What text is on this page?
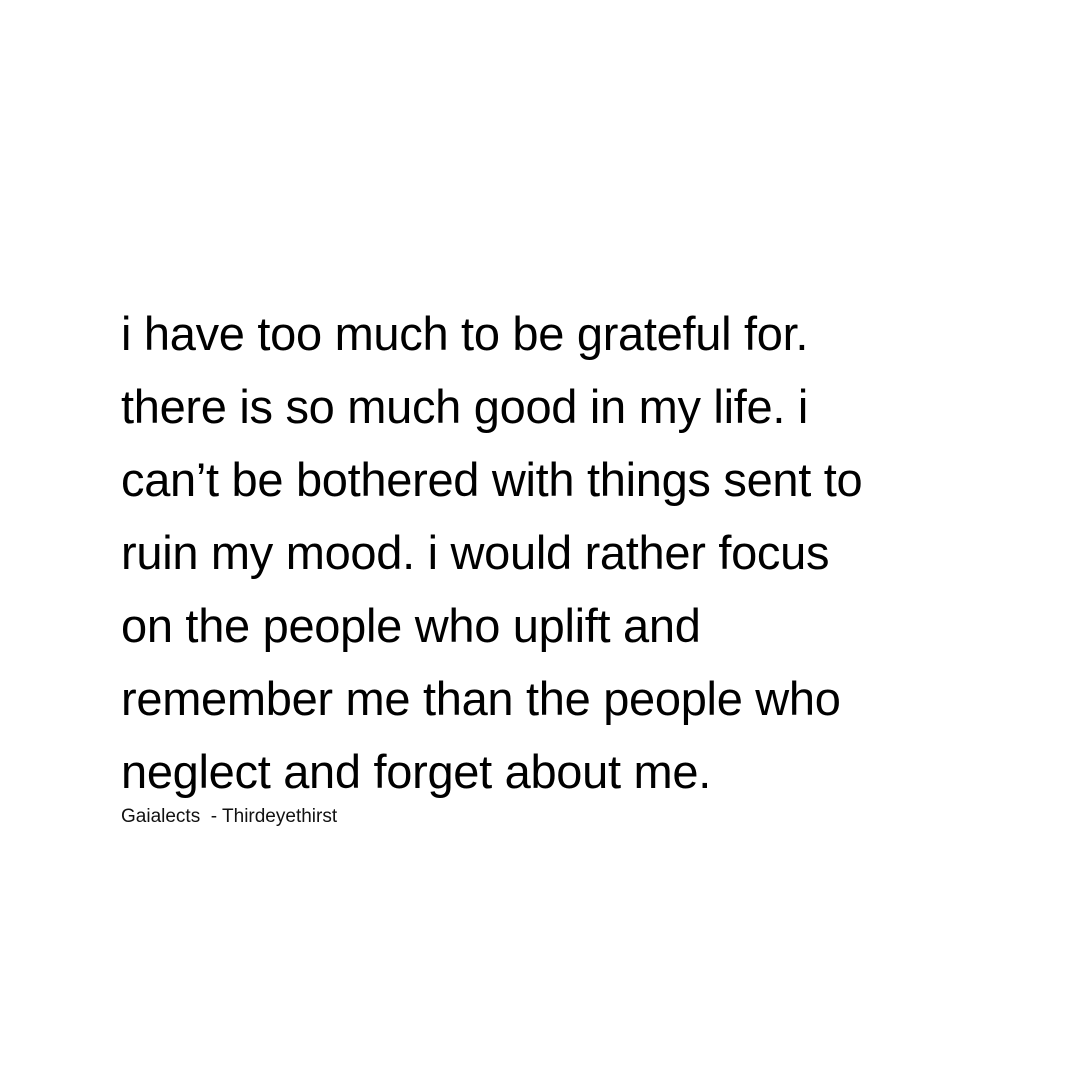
i have too much to be grateful for.
there is so much good in my life. i
can’t be bothered with things sent to
ruin my mood. i would rather focus
on the people who uplift and
remember me than the people who
neglect and forget about me.
Gaialects  - Thirdeyethirst
